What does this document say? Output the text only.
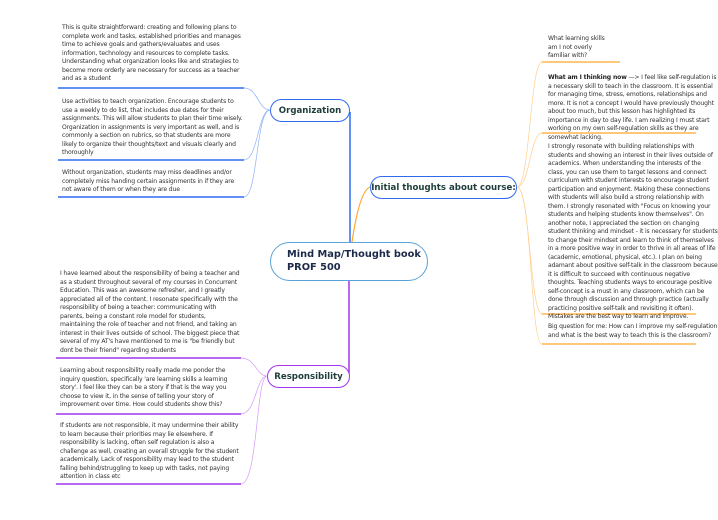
Mind Map/Thought book
PROF 500
Organization
Initial thoughts about course:
Responsibility
This is quite straightforward: creating and following plans to complete work and tasks, established priorities and manages time to achieve goals and gathers/evaluates and uses information, technology and resources to complete tasks. Understanding what organization looks like and strategies to become more orderly are necessary for success as a teacher and as a student
Use activities to teach organization. Encourage students to use a weekly to do list, that includes due dates for their assignments. This will allow students to plan their time wisely. Organization in assignments is very important as well, and is commonly a section on rubrics, so that students are more likely to organize their thoughts/text and visuals clearly and thoroughly
Without organization, students may miss deadlines and/or completely miss handing certain assignments in if they are not aware of them or when they are due
I have learned about the responsibility of being a teacher and as a student throughout several of my courses in Concurrent Education. This was an awesome refresher, and I greatly appreciated all of the content. I resonate specifically with the responsibility of being a teacher: communicating with parents, being a constant role model for students, maintaining the role of teacher and not friend, and taking an interest in their lives outside of school. The biggest piece that several of my AT's have mentioned to me is "be friendly but dont be their friend" regarding students
Learning about responsibility really made me ponder the inquiry question, specifically 'are learning skills a learning story'. I feel like they can be a story if that is the way you choose to view it, in the sense of telling your story of improvement over time. How could students show this?
If students are not responsible, it may undermine their ability to learn because their priorities may lie elsewhere. If responsibility is lacking, often self regulation is also a challenge as well, creating an overall struggle for the student academically. Lack of responsibility may lead to the student falling behind/struggling to keep up with tasks, not paying attention in class etc
What learning skills am I not overly familiar with?
What am I thinking now —> I feel like self-regulation is a necessary skill to teach in the classroom. It is essential for managing time, stress, emotions, relationships and more. It is not a concept I would have previously thought about too much, but this lesson has highlighted its importance in day to day life. I am realizing I must start working on my own self-regulation skills as they are somewhat lacking.
I strongly resonate with building relationships with students and showing an interest in their lives outside of academics. When understanding the interests of the class, you can use them to target lessons and connect curriculum with student interests to encourage student participation and enjoyment. Making these connections with students will also build a strong relationship with them. I strongly resonated with "Focus on knowing your students and helping students know themselves". On another note, I appreciated the section on changing student thinking and mindset - it is necessary for students to change their mindset and learn to think of themselves in a more positive way in order to thrive in all areas of life (academic, emotional, physical, etc.). I plan on being adamant about positive self-talk in the classroom because it is difficult to succeed with continuous negative thoughts. Teaching students ways to encourage positive self-concept is a must in any classroom, which can be done through discussion and through practice (actually practicing positive self-talk and revisiting it often). Mistakes are the best way to learn and improve.
Big question for me: How can I improve my self-regulation and what is the best way to teach this is the classroom?
